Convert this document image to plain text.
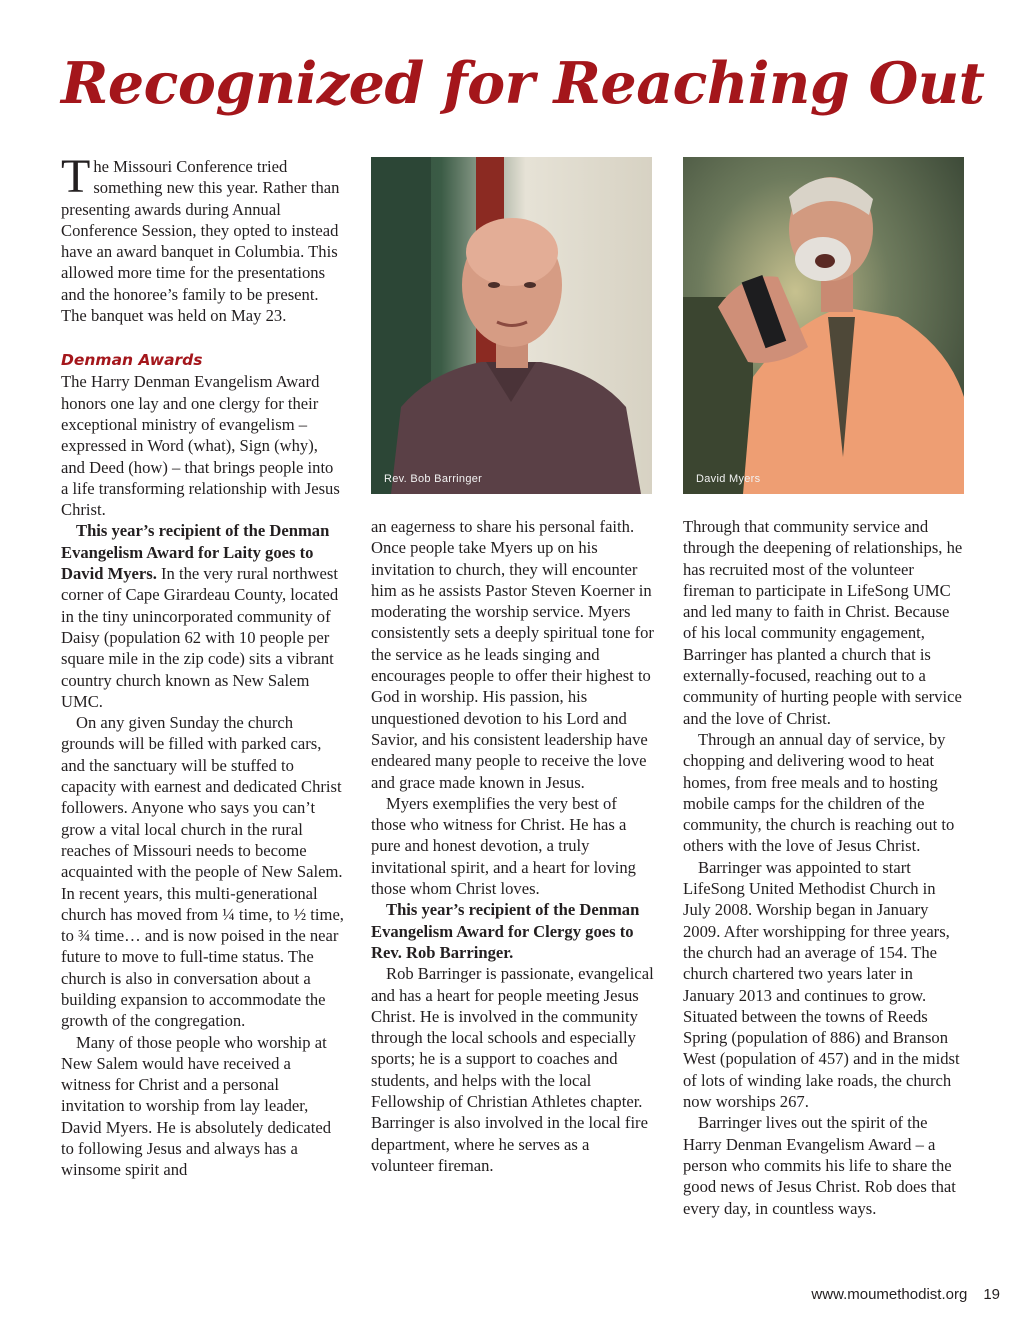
Recognized for Reaching Out

The Missouri Conference tried something new this year. Rather than presenting awards during Annual Conference Session, they opted to instead have an award banquet in Columbia. This allowed more time for the presentations and the honoree’s family to be present. The banquet was held on May 23.

Denman Awards

The Harry Denman Evangelism Award honors one lay and one clergy for their exceptional ministry of evangelism – expressed in Word (what), Sign (why), and Deed (how) – that brings people into a life transforming relationship with Jesus Christ.

This year’s recipient of the Denman Evangelism Award for Laity goes to David Myers. In the very rural northwest corner of Cape Girardeau County, located in the tiny unincorporated community of Daisy (population 62 with 10 people per square mile in the zip code) sits a vibrant country church known as New Salem UMC.

On any given Sunday the church grounds will be filled with parked cars, and the sanctuary will be stuffed to capacity with earnest and dedicated Christ followers. Anyone who says you can’t grow a vital local church in the rural reaches of Missouri needs to become acquainted with the people of New Salem. In recent years, this multi-generational church has moved from ¼ time, to ½ time, to ¾ time… and is now poised in the near future to move to full-time status. The church is also in conversation about a building expansion to accommodate the growth of the congregation.

Many of those people who worship at New Salem would have received a witness for Christ and a personal invitation to worship from lay leader, David Myers. He is absolutely dedicated to following Jesus and always has a winsome spirit and

Rev. Bob Barringer	David Myers

an eagerness to share his personal faith. Once people take Myers up on his invitation to church, they will encounter him as he assists Pastor Steven Koerner in moderating the worship service. Myers consistently sets a deeply spiritual tone for the service as he leads singing and encourages people to offer their highest to God in worship. His passion, his unquestioned devotion to his Lord and Savior, and his consistent leadership have endeared many people to receive the love and grace made known in Jesus.

Myers exemplifies the very best of those who witness for Christ. He has a pure and honest devotion, a truly invitational spirit, and a heart for loving those whom Christ loves.

This year’s recipient of the Denman Evangelism Award for Clergy goes to Rev. Rob Barringer.

Rob Barringer is passionate, evangelical and has a heart for people meeting Jesus Christ. He is involved in the community through the local schools and especially sports; he is a support to coaches and students, and helps with the local Fellowship of Christian Athletes chapter. Barringer is also involved in the local fire department, where he serves as a volunteer fireman.

Through that community service and through the deepening of relationships, he has recruited most of the volunteer fireman to participate in LifeSong UMC and led many to faith in Christ. Because of his local community engagement, Barringer has planted a church that is externally-focused, reaching out to a community of hurting people with service and the love of Christ.

Through an annual day of service, by chopping and delivering wood to heat homes, from free meals and to hosting mobile camps for the children of the community, the church is reaching out to others with the love of Jesus Christ.

Barringer was appointed to start LifeSong United Methodist Church in July 2008. Worship began in January 2009. After worshipping for three years, the church had an average of 154. The church chartered two years later in January 2013 and continues to grow. Situated between the towns of Reeds Spring (population of 886) and Branson West (population of 457) and in the midst of lots of winding lake roads, the church now worships 267.

Barringer lives out the spirit of the Harry Denman Evangelism Award – a person who commits his life to share the good news of Jesus Christ. Rob does that every day, in countless ways.

www.moumethodist.org 19
